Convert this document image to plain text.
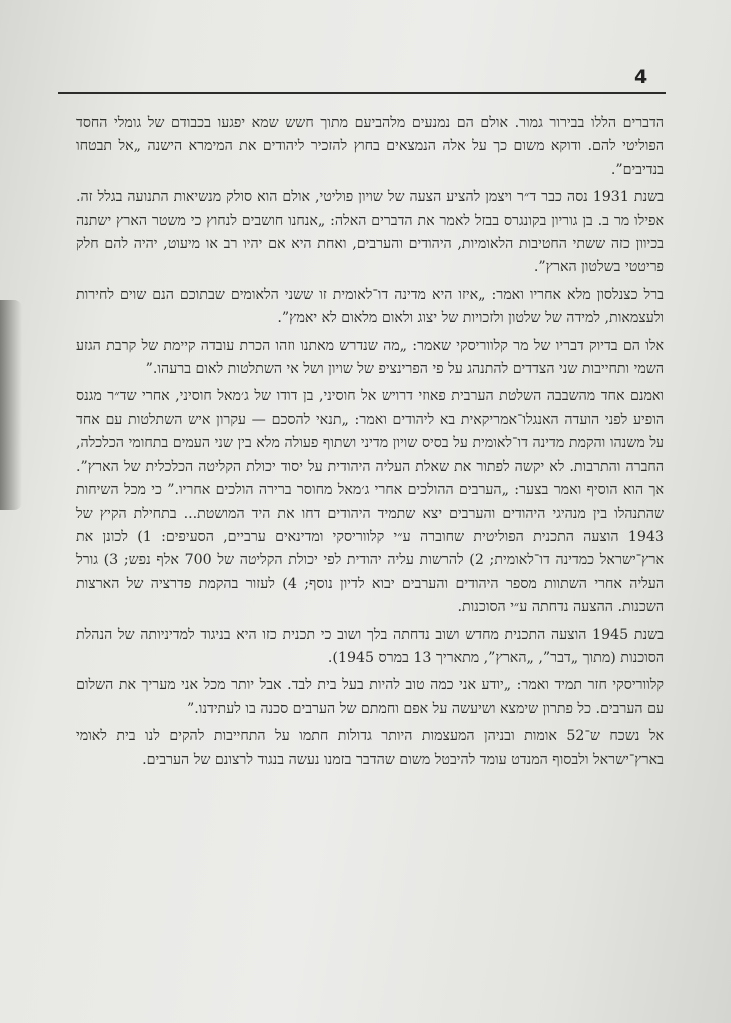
4

הדברים הללו בבירור גמור. אולם הם נמנעים מלהביעם מתוך חשש שמא יפגעו בכבודם של גומלי החסד הפוליטי להם. ודוקא משום כך על אלה הנמצאים בחוץ להזכיר ליהודים את המימרא הישנה „אל תבטחו בנדיבים”.

בשנת 1931 נסה כבר ד״ר ויצמן להציע הצעה של שויון פוליטי, אולם הוא סולק מנשיאות התנועה בגלל זה. אפילו מר ב. בן גוריון בקונגרס בבזל לאמר את הדברים האלה: „אנחנו חושבים לנחוץ כי משטר הארץ ישתנה בכיוון כזה ששתי החטיבות הלאומיות, היהודים והערבים, ואחת היא אם יהיו רב או מיעוט, יהיה להם חלק פריטטי בשלטון הארץ”.

ברל כצנלסון מלא אחריו ואמר: „איזו היא מדינה דו־לאומית זו ששני הלאומים שבתוכם הנם שוים לחירות ולעצמאות, למידה של שלטון ולזכויות של יצוג ולאום מלאום לא יאמץ”.

אלו הם בדיוק דבריו של מר קלווריסקי שאמר: „מה שנדרש מאתנו וזהו הכרת עובדה קיימת של קרבת הגזע השמי ותחייבות שני הצדדים להתנהג על פי הפרינציפ של שויון ושל אי השתלטות לאום ברעהו.”

ואמנם אחד מהשבבה השלטת הערבית פאוזי דרויש אל חוסיני, בן דודו של ג׳מאל חוסיני, אחרי שד״ר מגנס הופיע לפני הועדה האנגלו־אמריקאית בא ליהודים ואמר: „תנאי להסכם — עקרון איש השתלטות עם אחד על משנהו והקמת מדינה דו־לאומית על בסיס שויון מדיני ושתוף פעולה מלא בין שני העמים בתחומי הכלכלה, החברה והתרבות. לא יקשה לפתור את שאלת העליה היהודית על יסוד יכולת הקליטה הכלכלית של הארץ”. אך הוא הוסיף ואמר בצער: „הערבים ההולכים אחרי ג׳מאל מחוסר ברירה הולכים אחריו.” כי מכל השיחות שהתנהלו בין מנהיגי היהודים והערבים יצא שתמיד היהודים דחו את היד המושטת... בתחילת הקיץ של 1943 הוצעה התכנית הפוליטית שחוברה ע״י קלווריסקי ומדינאים ערביים, הסעיפים: 1) לכונן את ארץ־ישראל כמדינה דו־לאומית; 2) להרשות עליה יהודית לפי יכולת הקליטה של 700 אלף נפש; 3) גורל העליה אחרי השתוות מספר היהודים והערבים יבוא לדיון נוסף; 4) לעזור בהקמת פדרציה של הארצות השכנות. ההצעה נדחתה ע״י הסוכנות.

בשנת 1945 הוצעה התכנית מחדש ושוב נדחתה בלך ושוב כי תכנית כזו היא בניגוד למדיניותה של הנהלת הסוכנות (מתוך „דבר”, „הארץ”, מתאריך 13 במרס 1945).

קלווריסקי חזר תמיד ואמר: „יודע אני כמה טוב להיות בעל בית לבד. אבל יותר מכל אני מעריך את השלום עם הערבים. כל פתרון שימצא ושיעשה על אפם וחמתם של הערבים סכנה בו לעתידנו.”

אל נשכח ש־52 אומות ובניהן המעצמות היותר גדולות חתמו על התחייבות להקים לנו בית לאומי בארץ־ישראל ולבסוף המנדט עומד להיבטל משום שהדבר בזמנו נעשה בנגוד לרצונם של הערבים.
